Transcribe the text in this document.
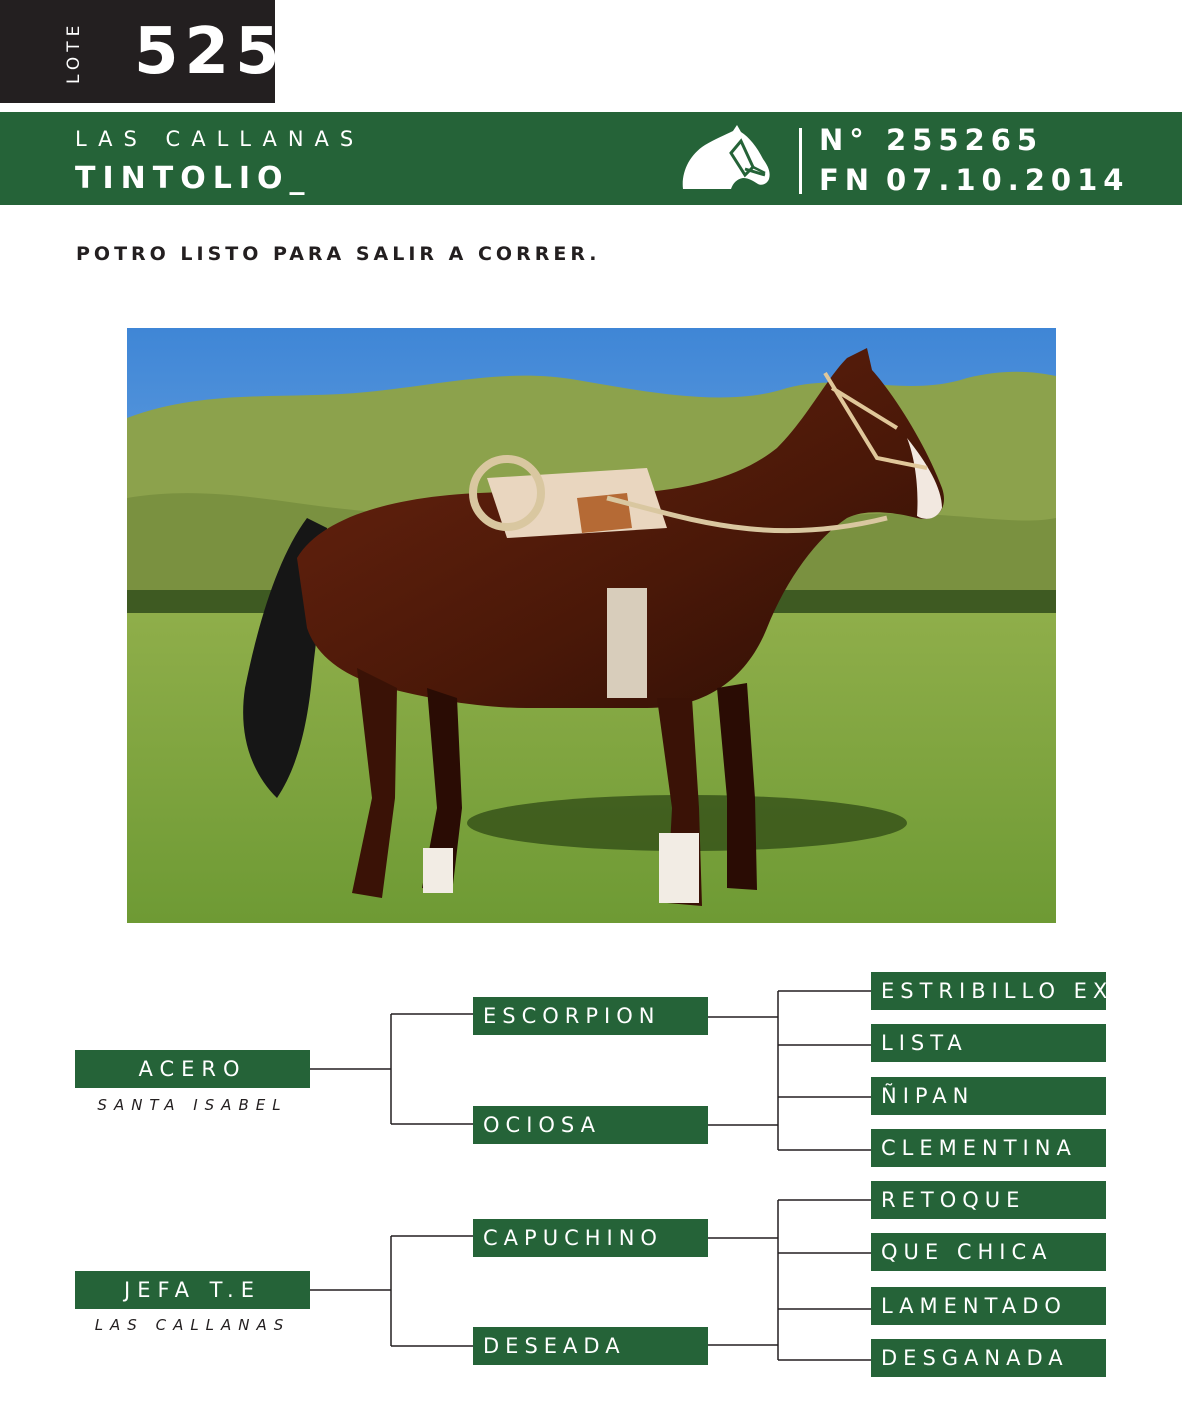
LOTE 525
LAS CALLANAS
TINTOLIO_
N° 255265
FN 07.10.2014
POTRO LISTO PARA SALIR A CORRER.
ACERO
SANTA ISABEL
JEFA T.E
LAS CALLANAS
ESCORPION
OCIOSA
CAPUCHINO
DESEADA
ESTRIBILLO EX R
LISTA
ÑIPAN
CLEMENTINA
RETOQUE
QUE CHICA
LAMENTADO
DESGANADA
